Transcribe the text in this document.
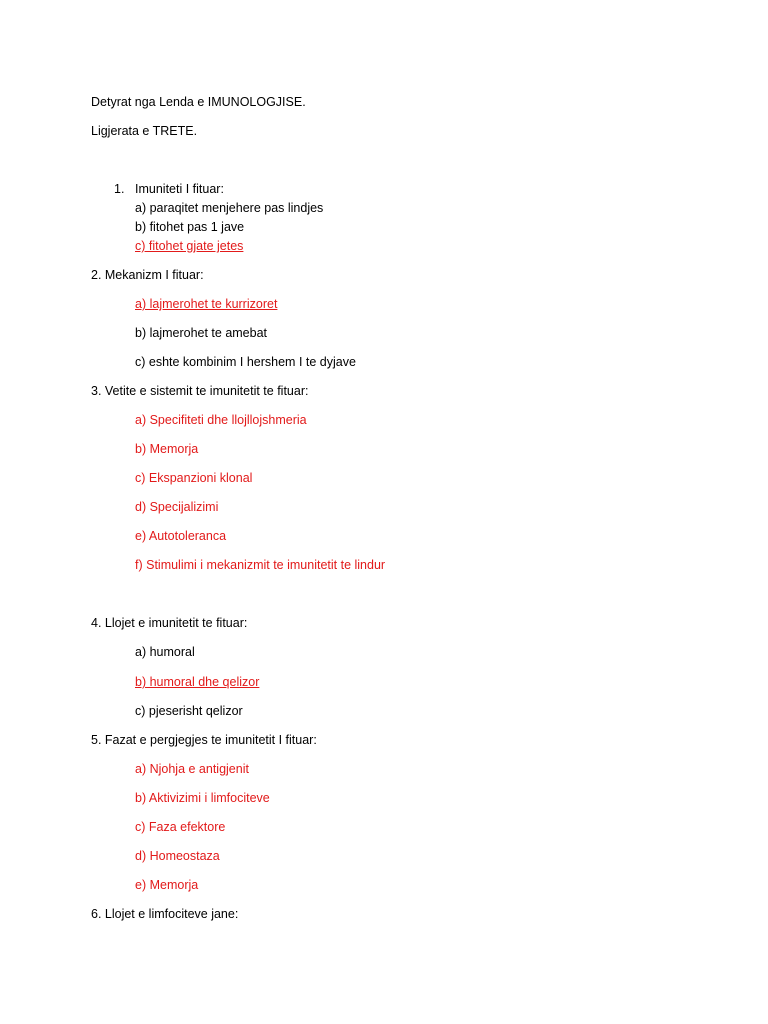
Detyrat nga Lenda e IMUNOLOGJISE.
Ligjerata e TRETE.
1. Imuniteti I fituar:
a) paraqitet menjehere pas lindjes
b) fitohet pas 1 jave
c) fitohet gjate jetes
2. Mekanizm I fituar:
a) lajmerohet te kurrizoret
b) lajmerohet te amebat
c) eshte kombinim I hershem I te dyjave
3. Vetite e sistemit te imunitetit te fituar:
a) Specifiteti dhe llojllojshmeria
b) Memorja
c) Ekspanzioni klonal
d) Specijalizimi
e) Autotoleranca
f) Stimulimi i mekanizmit te imunitetit te lindur
4. Llojet e imunitetit te fituar:
a) humoral
b) humoral dhe qelizor
c) pjeserisht qelizor
5. Fazat e pergjegjes te imunitetit I fituar:
a) Njohja e antigjenit
b) Aktivizimi i limfociteve
c) Faza efektore
d) Homeostaza
e) Memorja
6. Llojet e limfociteve jane:
